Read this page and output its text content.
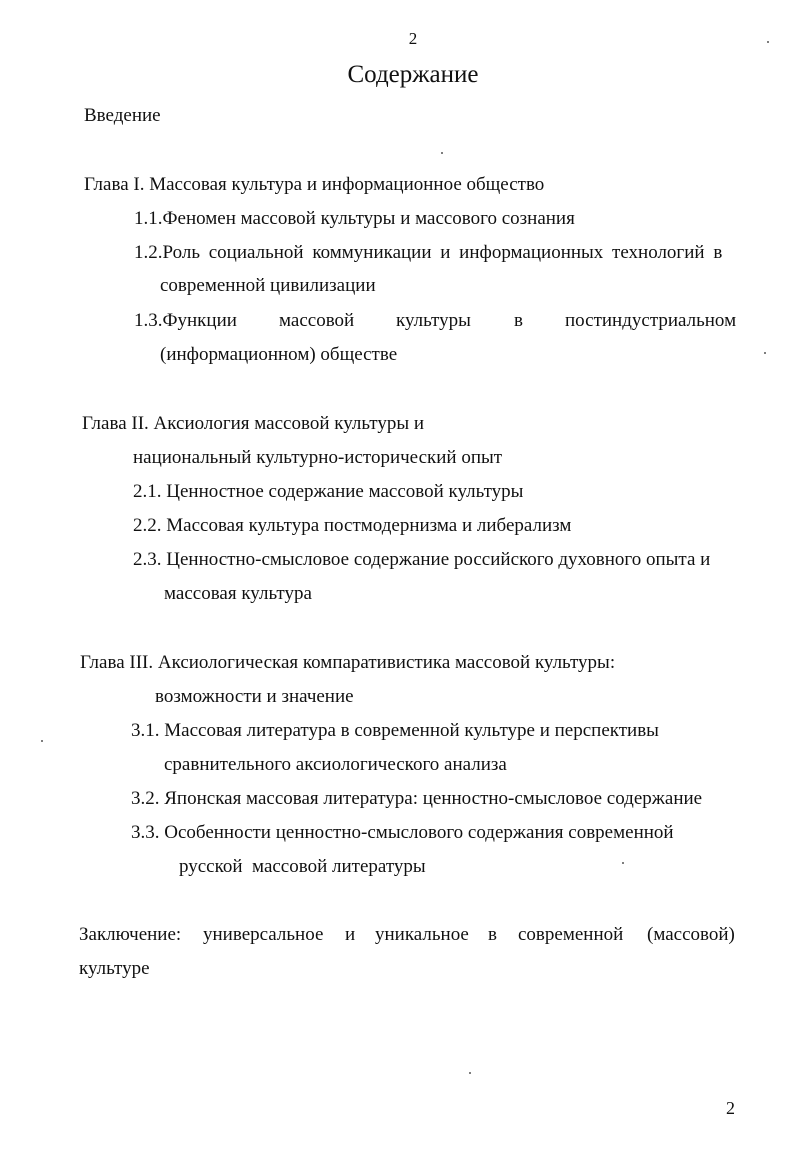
2
Содержание
Введение
Глава I. Массовая культура и информационное общество
1.1.Феномен массовой культуры и массового сознания
1.2.Роль социальной коммуникации и информационных технологий в
современной цивилизации
1.3.Функции массовой культуры в постиндустриальном
(информационном) обществе
Глава II. Аксиология массовой культуры и
национальный культурно-исторический опыт
2.1. Ценностное содержание массовой культуры
2.2. Массовая культура постмодернизма и либерализм
2.3. Ценностно-смысловое содержание российского духовного опыта и
массовая культура
Глава III. Аксиологическая компаративистика массовой культуры:
возможности и значение
3.1. Массовая литература в современной культуре и перспективы
сравнительного аксиологического анализа
3.2. Японская массовая литература: ценностно-смысловое содержание
3.3. Особенности ценностно-смыслового содержания современной
русской  массовой литературы
Заключение: универсальное и уникальное в современной (массовой)
культуре
2
